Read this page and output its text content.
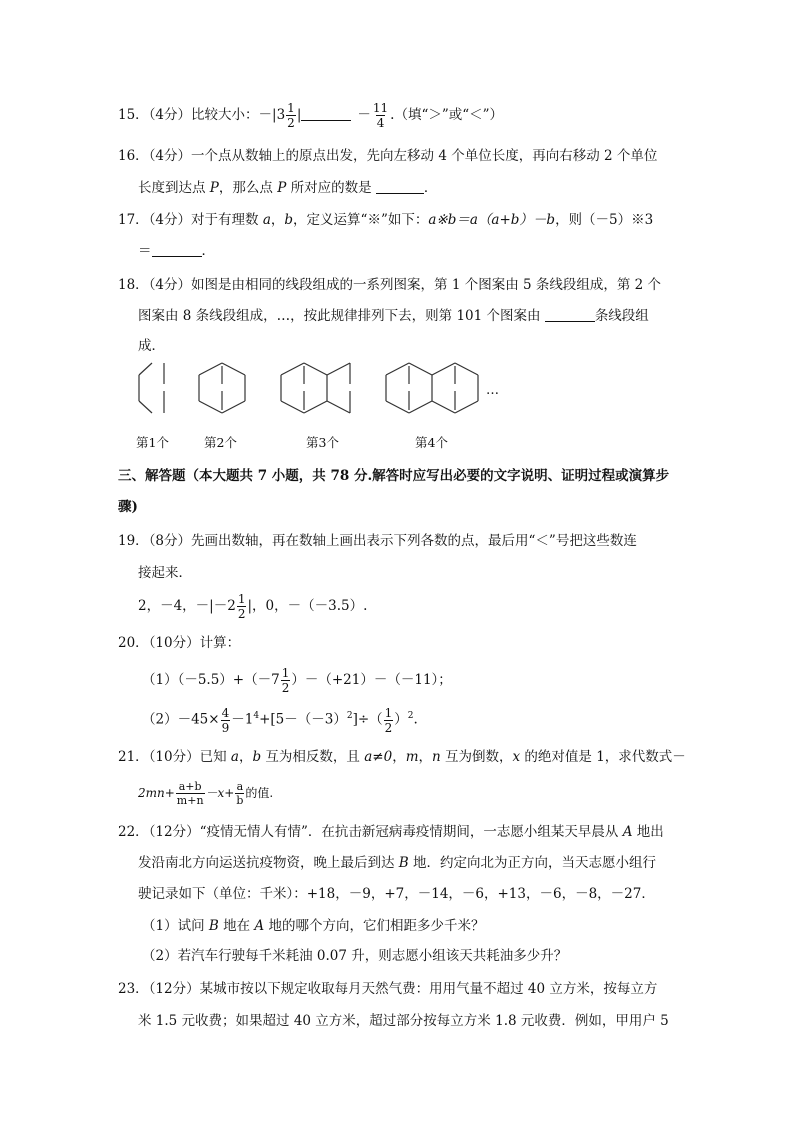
15．（4分）比较大小：$-|3 \frac{1}{2}$ |	－ $\frac{11}{4}$ .（填“＞”或“＜”）
16．（4分）一个点从数轴上的原点出发，先向左移动 4 个单位长度，再向右移动 2 个单位
长度到达点 P，那么点 P 所对应的数是	．
17．（4分）对于有理数 a，b，定义运算“※”如下：a※b＝a（a+b）－b，则（－5）※3
＝	．
18．（4分）如图是由相同的线段组成的一系列图案，第 1 个图案由 5 条线段组成，第 2 个
图案由 8 条线段组成，…，按此规律排列下去，则第 101 个图案由	条线段组
成．
…
第1个	第2个	第3个	第4个
三、解答题（本大题共 7 小题，共 78 分.解答时应写出必要的文字说明、证明过程或演算步
骤)
19．（8分）先画出数轴，再在数轴上画出表示下列各数的点，最后用“＜”号把这些数连
接起来．
2，－4，$-|-2 \frac{1}{2}$ |，0，－（－3.5）.
20．（10分）计算：
$(1)(-5.5)+(-7 \frac{1}{2} )-(+21)-(-11)$；
$(2)-45\times \frac{4}{9} -1^4+[5-(-3)^2]\div( \frac{1}{2} )^2$.
21．（10分）已知 a，b 互为相反数，且 a≠0，m，n 互为倒数，x 的绝对值是 1，求代数式－
$2mn+ \frac{a+b}{m+n} -x+ \frac{a}{b}$ 的值.
22．（12分）“疫情无情人有情”．在抗击新冠病毒疫情期间，一志愿小组某天早晨从 A 地出
发沿南北方向运送抗疫物资，晚上最后到达 B 地．约定向北为正方向，当天志愿小组行
驶记录如下（单位：千米）：+18，－9，+7，－14，－6，+13，－6，－8，－27．
（1）试问 B 地在 A 地的哪个方向，它们相距多少千米？
（2）若汽车行驶每千米耗油 0.07 升，则志愿小组该天共耗油多少升？
23．（12分）某城市按以下规定收取每月天然气费：用用气量不超过 40 立方米，按每立方
米 1.5 元收费；如果超过 40 立方米，超过部分按每立方米 1.8 元收费．例如，甲用户 5
